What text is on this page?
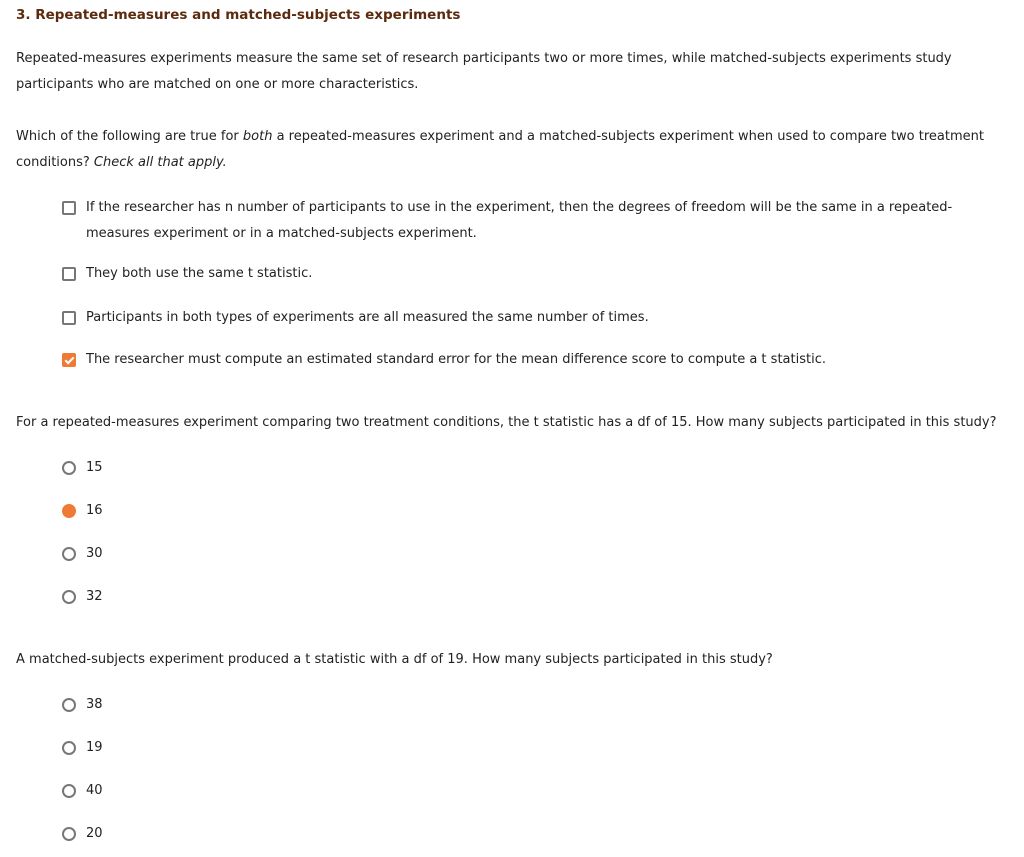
3. Repeated-measures and matched-subjects experiments
Repeated-measures experiments measure the same set of research participants two or more times, while matched-subjects experiments study participants who are matched on one or more characteristics.
Which of the following are true for both a repeated-measures experiment and a matched-subjects experiment when used to compare two treatment conditions? Check all that apply.
If the researcher has n number of participants to use in the experiment, then the degrees of freedom will be the same in a repeated-measures experiment or in a matched-subjects experiment.
They both use the same t statistic.
Participants in both types of experiments are all measured the same number of times.
The researcher must compute an estimated standard error for the mean difference score to compute a t statistic.
For a repeated-measures experiment comparing two treatment conditions, the t statistic has a df of 15. How many subjects participated in this study?
15
16
30
32
A matched-subjects experiment produced a t statistic with a df of 19. How many subjects participated in this study?
38
19
40
20
